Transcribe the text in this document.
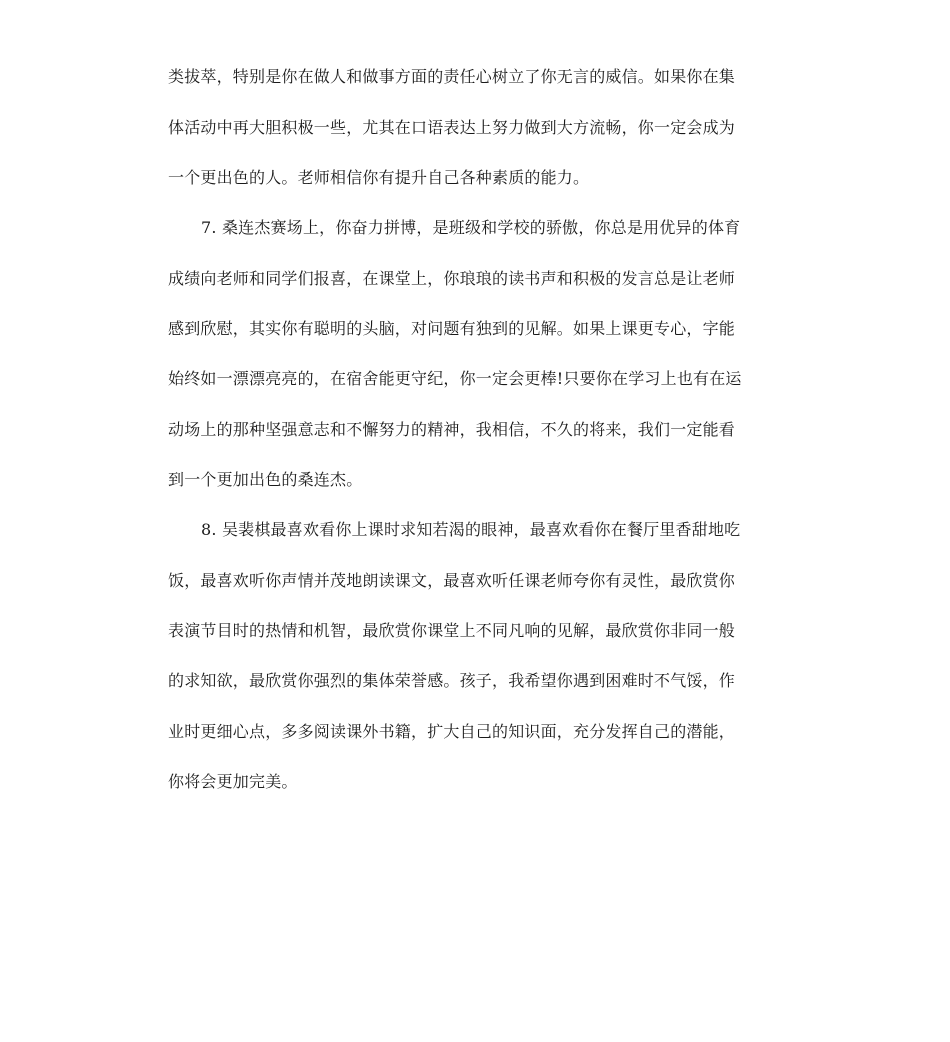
类拔萃，特别是你在做人和做事方面的责任心树立了你无言的威信。如果你在集
体活动中再大胆积极一些，尤其在口语表达上努力做到大方流畅，你一定会成为
一个更出色的人。老师相信你有提升自己各种素质的能力。
7. 桑连杰赛场上，你奋力拼博，是班级和学校的骄傲，你总是用优异的体育
成绩向老师和同学们报喜，在课堂上，你琅琅的读书声和积极的发言总是让老师
感到欣慰，其实你有聪明的头脑，对问题有独到的见解。如果上课更专心，字能
始终如一漂漂亮亮的，在宿舍能更守纪，你一定会更棒!只要你在学习上也有在运
动场上的那种坚强意志和不懈努力的精神，我相信，不久的将来，我们一定能看
到一个更加出色的桑连杰。
8. 吴裴棋最喜欢看你上课时求知若渴的眼神，最喜欢看你在餐厅里香甜地吃
饭，最喜欢听你声情并茂地朗读课文，最喜欢听任课老师夸你有灵性，最欣赏你
表演节目时的热情和机智，最欣赏你课堂上不同凡响的见解，最欣赏你非同一般
的求知欲，最欣赏你强烈的集体荣誉感。孩子，我希望你遇到困难时不气馁，作
业时更细心点，多多阅读课外书籍，扩大自己的知识面，充分发挥自己的潜能，
你将会更加完美。
